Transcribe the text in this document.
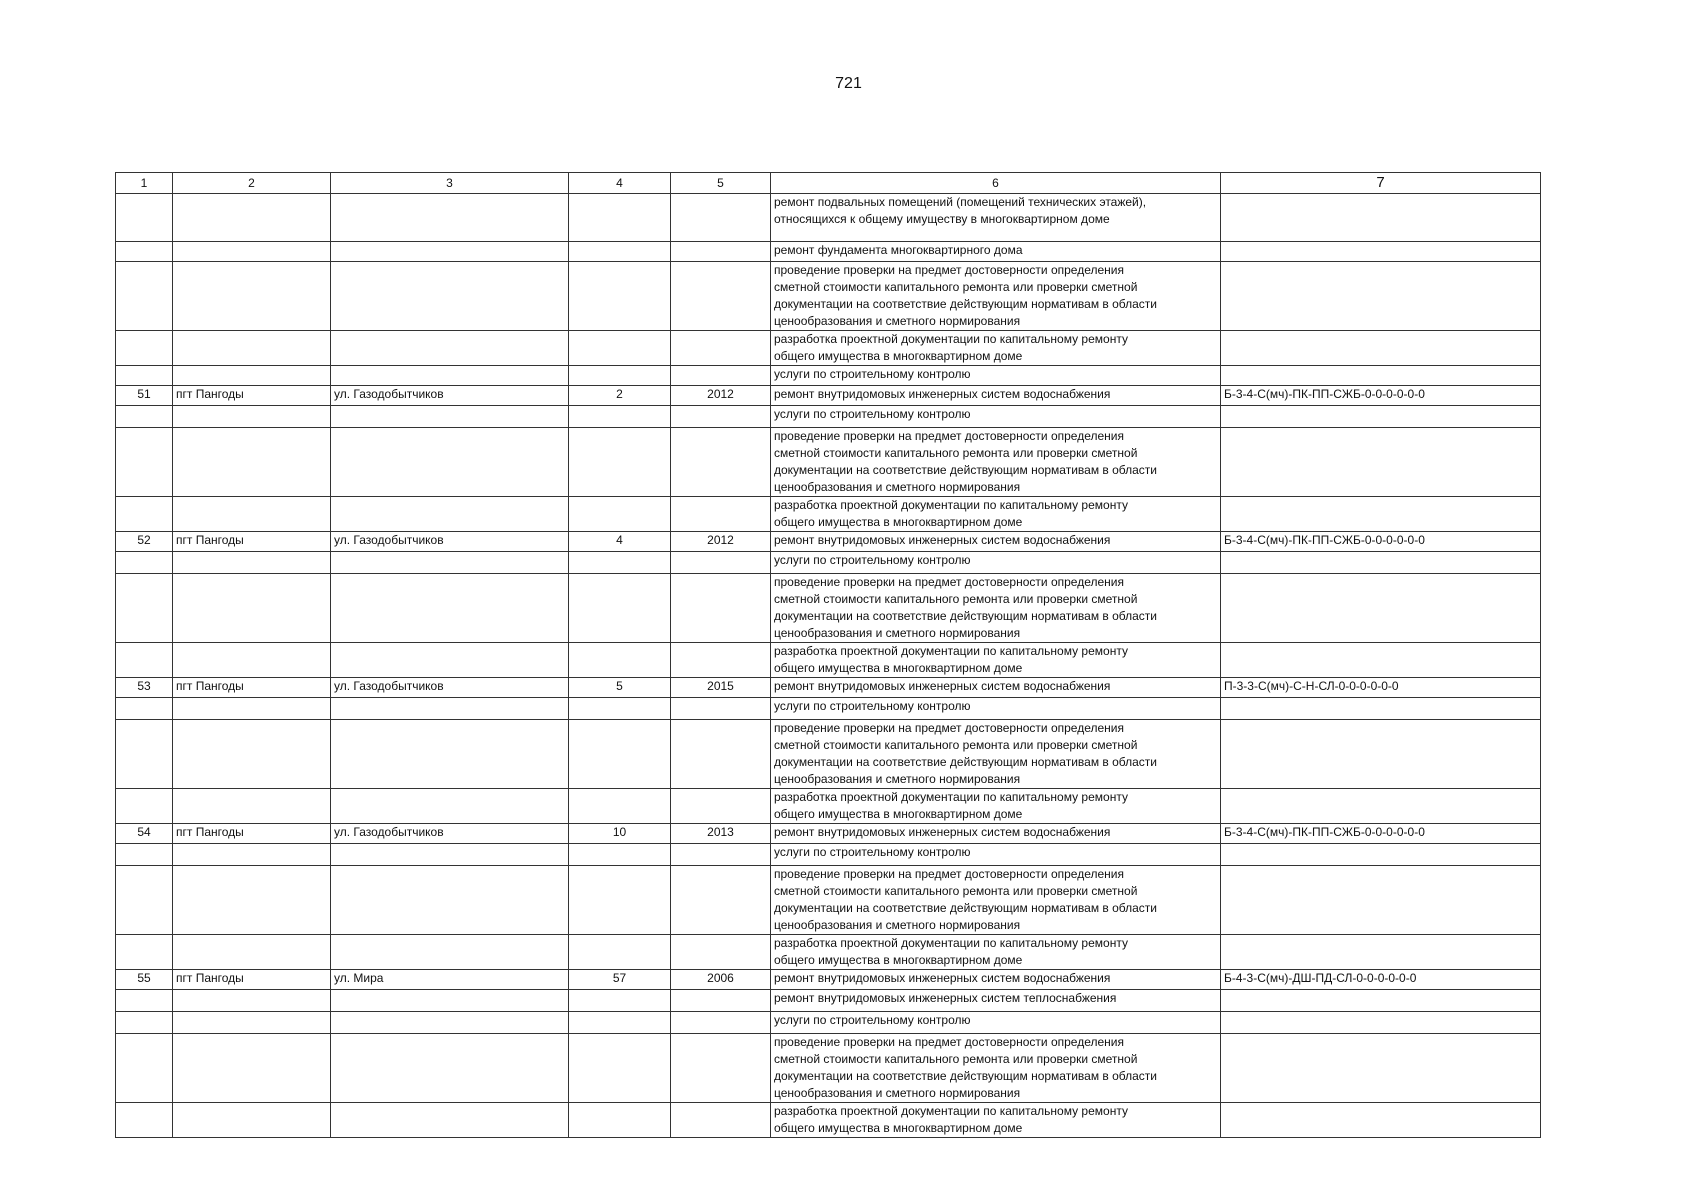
721
1	2	3	4	5	6	7
					ремонт подвальных помещений (помещений технических этажей),
относящихся к общему имуществу в многоквартирном доме	
					ремонт фундамента многоквартирного дома	
					проведение проверки на предмет достоверности определения
сметной стоимости капитального ремонта или проверки сметной
документации на соответствие действующим нормативам в области
ценообразования и сметного нормирования	
					разработка проектной документации по капитальному ремонту
общего имущества в многоквартирном доме	
					услуги по строительному контролю	
51	пгт Пангоды	ул. Газодобытчиков	2	2012	ремонт внутридомовых инженерных систем водоснабжения	Б-3-4-С(мч)-ПК-ПП-СЖБ-0-0-0-0-0-0
					услуги по строительному контролю	
					проведение проверки на предмет достоверности определения
сметной стоимости капитального ремонта или проверки сметной
документации на соответствие действующим нормативам в области
ценообразования и сметного нормирования	
					разработка проектной документации по капитальному ремонту
общего имущества в многоквартирном доме	
52	пгт Пангоды	ул. Газодобытчиков	4	2012	ремонт внутридомовых инженерных систем водоснабжения	Б-3-4-С(мч)-ПК-ПП-СЖБ-0-0-0-0-0-0
					услуги по строительному контролю	
					проведение проверки на предмет достоверности определения
сметной стоимости капитального ремонта или проверки сметной
документации на соответствие действующим нормативам в области
ценообразования и сметного нормирования	
					разработка проектной документации по капитальному ремонту
общего имущества в многоквартирном доме	
53	пгт Пангоды	ул. Газодобытчиков	5	2015	ремонт внутридомовых инженерных систем водоснабжения	П-3-3-С(мч)-С-Н-СЛ-0-0-0-0-0-0
					услуги по строительному контролю	
					проведение проверки на предмет достоверности определения
сметной стоимости капитального ремонта или проверки сметной
документации на соответствие действующим нормативам в области
ценообразования и сметного нормирования	
					разработка проектной документации по капитальному ремонту
общего имущества в многоквартирном доме	
54	пгт Пангоды	ул. Газодобытчиков	10	2013	ремонт внутридомовых инженерных систем водоснабжения	Б-3-4-С(мч)-ПК-ПП-СЖБ-0-0-0-0-0-0
					услуги по строительному контролю	
					проведение проверки на предмет достоверности определения
сметной стоимости капитального ремонта или проверки сметной
документации на соответствие действующим нормативам в области
ценообразования и сметного нормирования	
					разработка проектной документации по капитальному ремонту
общего имущества в многоквартирном доме	
55	пгт Пангоды	ул. Мира	57	2006	ремонт внутридомовых инженерных систем водоснабжения	Б-4-3-С(мч)-ДШ-ПД-СЛ-0-0-0-0-0-0
					ремонт внутридомовых инженерных систем теплоснабжения	
					услуги по строительному контролю	
					проведение проверки на предмет достоверности определения
сметной стоимости капитального ремонта или проверки сметной
документации на соответствие действующим нормативам в области
ценообразования и сметного нормирования	
					разработка проектной документации по капитальному ремонту
общего имущества в многоквартирном доме	
